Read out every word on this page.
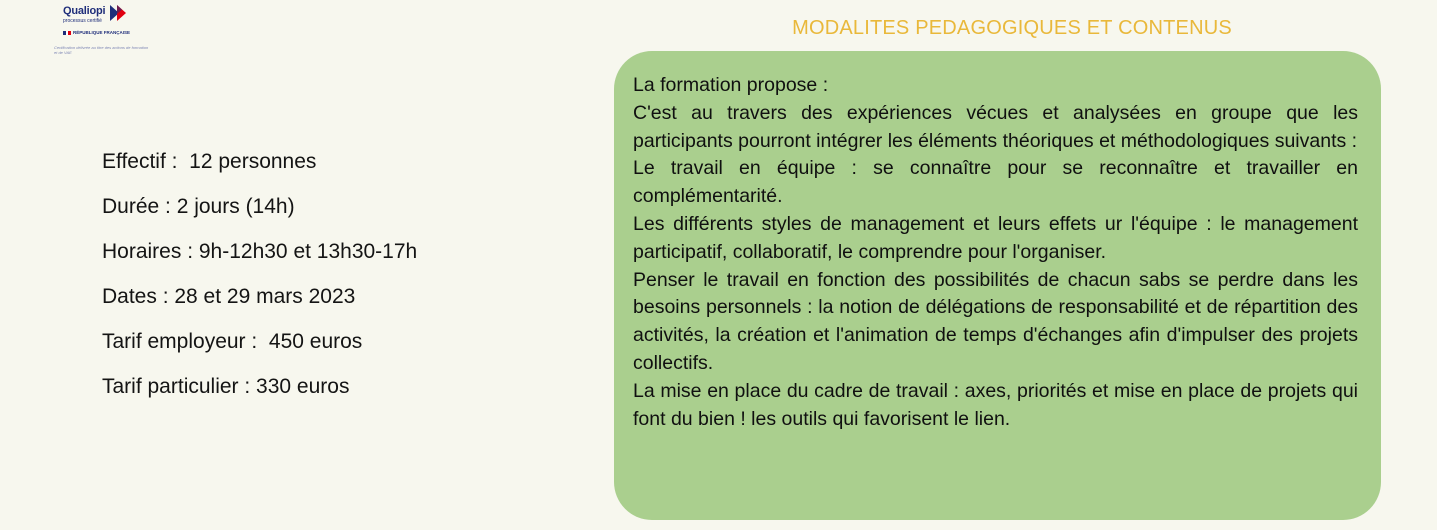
Qualiopi
processus certifié
RÉPUBLIQUE FRANÇAISE
Certification délivrée au titre des actions de formation et de VAE
Effectif :  12 personnes
Durée : 2 jours (14h)
Horaires : 9h-12h30 et 13h30-17h
Dates : 28 et 29 mars 2023
Tarif employeur :  450 euros
Tarif particulier : 330 euros
MODALITES PEDAGOGIQUES ET CONTENUS

La formation propose :

C'est au travers des expériences vécues et analysées en groupe que les participants pourront intégrer les éléments théoriques et méthodologiques suivants :

Le travail en équipe : se connaître pour se reconnaître et travailler en complémentarité.

Les différents styles de management et leurs effets ur l'équipe : le management participatif, collaboratif, le comprendre pour l'organiser.

Penser le travail en fonction des possibilités de chacun sabs se perdre dans les besoins personnels : la notion de délégations de responsabilité et de répartition des activités, la création et l'animation de temps d'échanges afin d'impulser des projets collectifs.

La mise en place du cadre de travail : axes, priorités et mise en place de projets qui font du bien ! les outils qui favorisent le lien.
